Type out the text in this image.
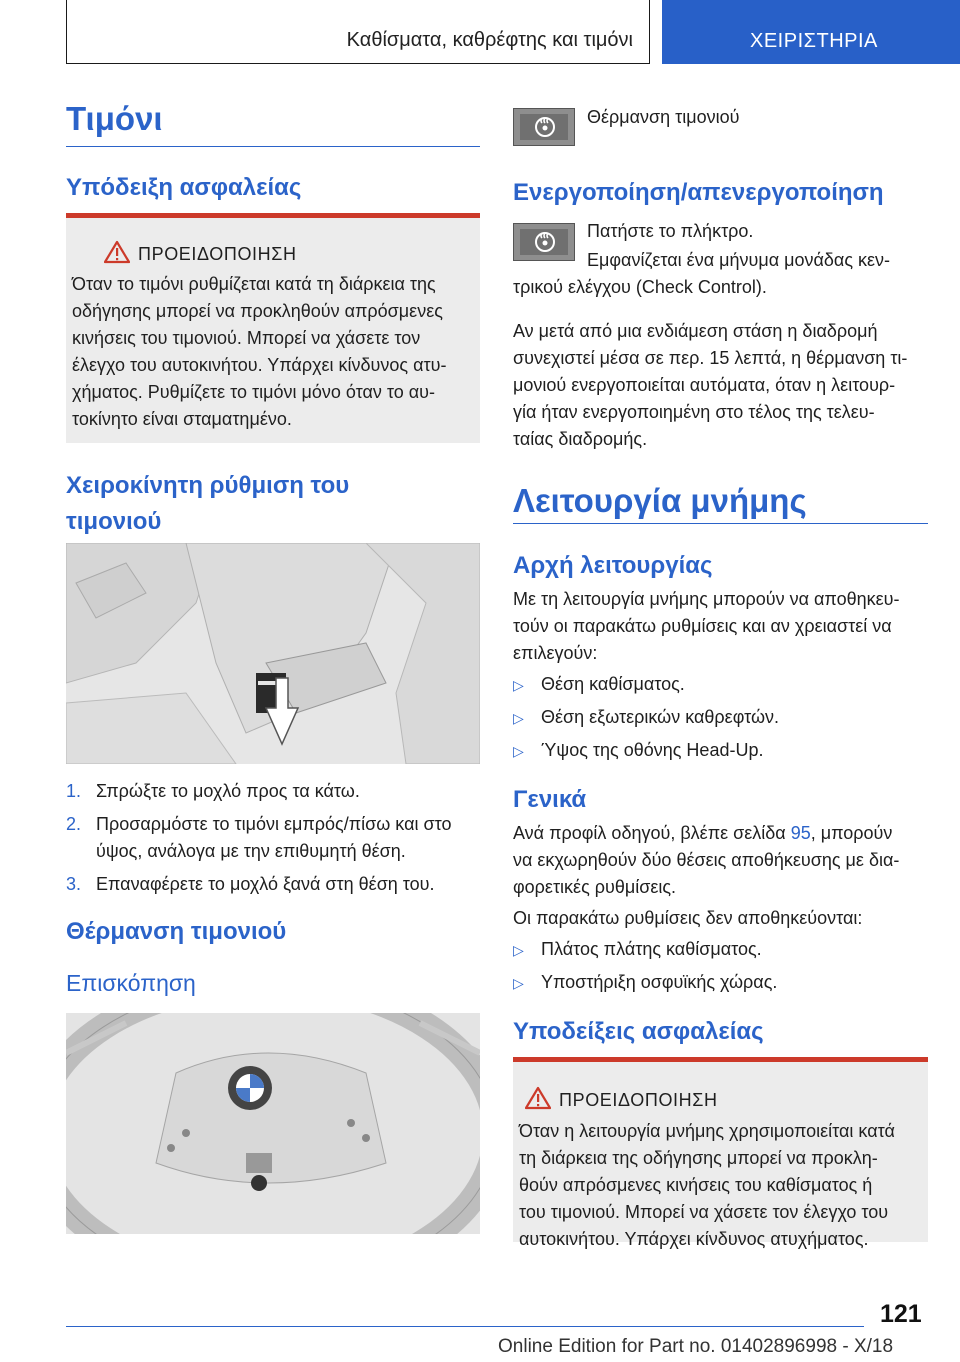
Καθίσματα, καθρέφτης και τιμόνι	ΧΕΙΡΙΣΤΗΡΙΑ
Τιμόνι
Υπόδειξη ασφαλείας
ΠΡΟΕΙΔΟΠΟΙΗΣΗ
Όταν το τιμόνι ρυθμίζεται κατά τη διάρκεια της
οδήγησης μπορεί να προκληθούν απρόσμενες
κινήσεις του τιμονιού. Μπορεί να χάσετε τον
έλεγχο του αυτοκινήτου. Υπάρχει κίνδυνος ατυ-
χήματος. Ρυθμίζετε το τιμόνι μόνο όταν το αυ-
τοκίνητο είναι σταματημένο.
Χειροκίνητη ρύθμιση του
τιμονιού
1. Σπρώξτε το μοχλό προς τα κάτω.
2. Προσαρμόστε το τιμόνι εμπρός/πίσω και στο
ύψος, ανάλογα με την επιθυμητή θέση.
3. Επαναφέρετε το μοχλό ξανά στη θέση του.
Θέρμανση τιμονιού
Επισκόπηση
Θέρμανση τιμονιού
Ενεργοποίηση/απενεργοποίηση
Πατήστε το πλήκτρο.
Εμφανίζεται ένα μήνυμα μονάδας κεν-
τρικού ελέγχου (Check Control).
Αν μετά από μια ενδιάμεση στάση η διαδρομή
συνεχιστεί μέσα σε περ. 15 λεπτά, η θέρμανση τι-
μονιού ενεργοποιείται αυτόματα, όταν η λειτουρ-
γία ήταν ενεργοποιημένη στο τέλος της τελευ-
ταίας διαδρομής.
Λειτουργία μνήμης
Αρχή λειτουργίας
Με τη λειτουργία μνήμης μπορούν να αποθηκευ-
τούν οι παρακάτω ρυθμίσεις και αν χρειαστεί να
επιλεγούν:
▷ Θέση καθίσματος.
▷ Θέση εξωτερικών καθρεφτών.
▷ Ύψος της οθόνης Head-Up.
Γενικά
Ανά προφίλ οδηγού, βλέπε σελίδα 95, μπορούν
να εκχωρηθούν δύο θέσεις αποθήκευσης με δια-
φορετικές ρυθμίσεις.
Οι παρακάτω ρυθμίσεις δεν αποθηκεύονται:
▷ Πλάτος πλάτης καθίσματος.
▷ Υποστήριξη οσφυϊκής χώρας.
Υποδείξεις ασφαλείας
ΠΡΟΕΙΔΟΠΟΙΗΣΗ
Όταν η λειτουργία μνήμης χρησιμοποιείται κατά
τη διάρκεια της οδήγησης μπορεί να προκλη-
θούν απρόσμενες κινήσεις του καθίσματος ή
του τιμονιού. Μπορεί να χάσετε τον έλεγχο του
αυτοκινήτου. Υπάρχει κίνδυνος ατυχήματος.
121
Online Edition for Part no. 01402896998 - X/18
